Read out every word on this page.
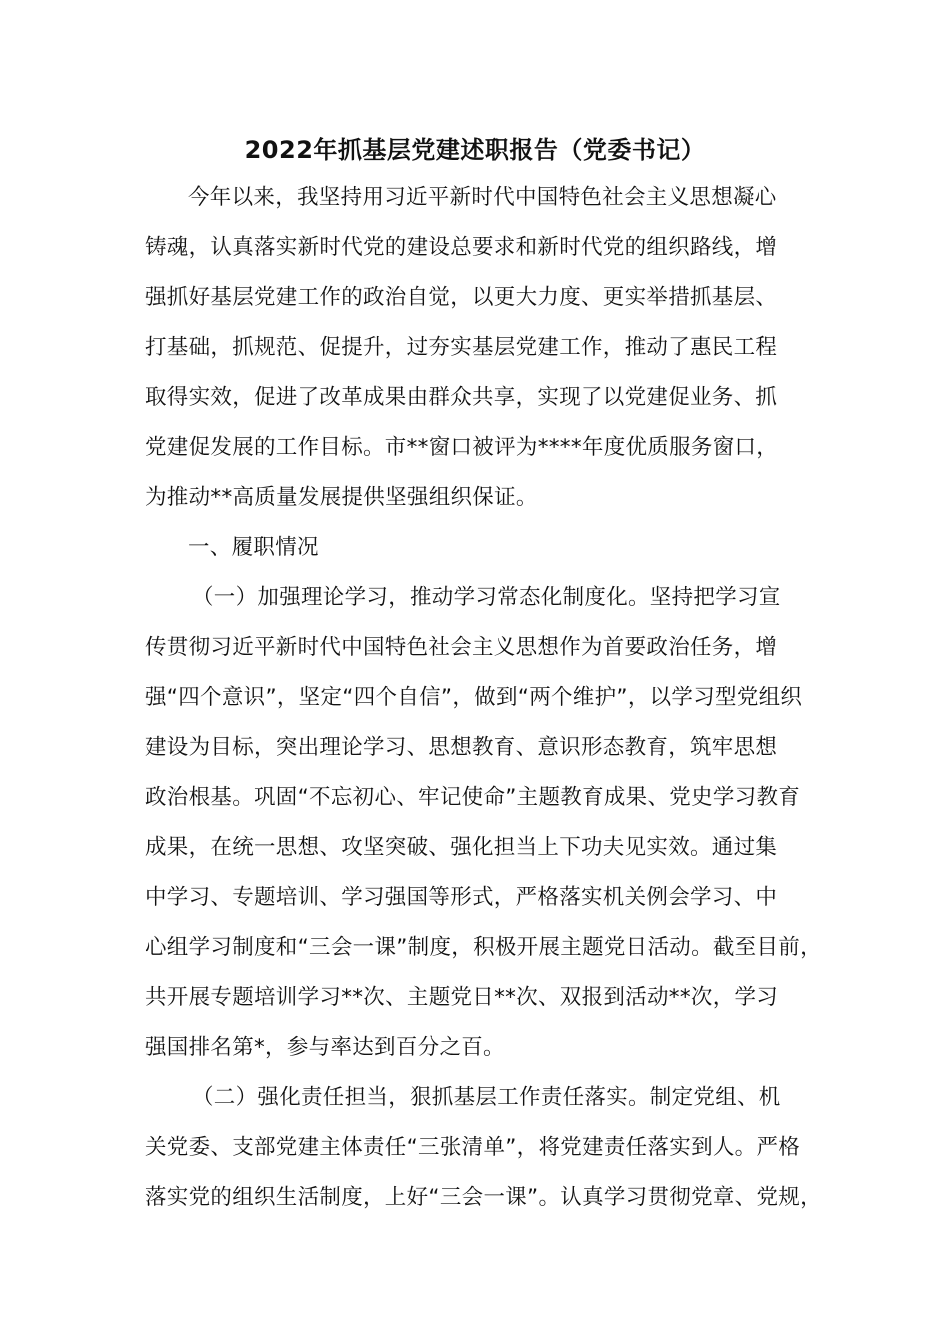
2022年抓基层党建述职报告（党委书记）
今年以来，我坚持用习近平新时代中国特色社会主义思想凝心
铸魂，认真落实新时代党的建设总要求和新时代党的组织路线，增
强抓好基层党建工作的政治自觉，以更大力度、更实举措抓基层、
打基础，抓规范、促提升，过夯实基层党建工作，推动了惠民工程
取得实效，促进了改革成果由群众共享，实现了以党建促业务、抓
党建促发展的工作目标。市**窗口被评为****年度优质服务窗口，
为推动**高质量发展提供坚强组织保证。
一、履职情况
（一）加强理论学习，推动学习常态化制度化。坚持把学习宣
传贯彻习近平新时代中国特色社会主义思想作为首要政治任务，增
强“四个意识”，坚定“四个自信”，做到“两个维护”，以学习型党组织
建设为目标，突出理论学习、思想教育、意识形态教育，筑牢思想
政治根基。巩固“不忘初心、牢记使命”主题教育成果、党史学习教育
成果，在统一思想、攻坚突破、强化担当上下功夫见实效。通过集
中学习、专题培训、学习强国等形式，严格落实机关例会学习、中
心组学习制度和“三会一课”制度，积极开展主题党日活动。截至目前，
共开展专题培训学习**次、主题党日**次、双报到活动**次，学习
强国排名第*，参与率达到百分之百。
（二）强化责任担当，狠抓基层工作责任落实。制定党组、机
关党委、支部党建主体责任“三张清单”，将党建责任落实到人。严格
落实党的组织生活制度，上好“三会一课”。认真学习贯彻党章、党规，
